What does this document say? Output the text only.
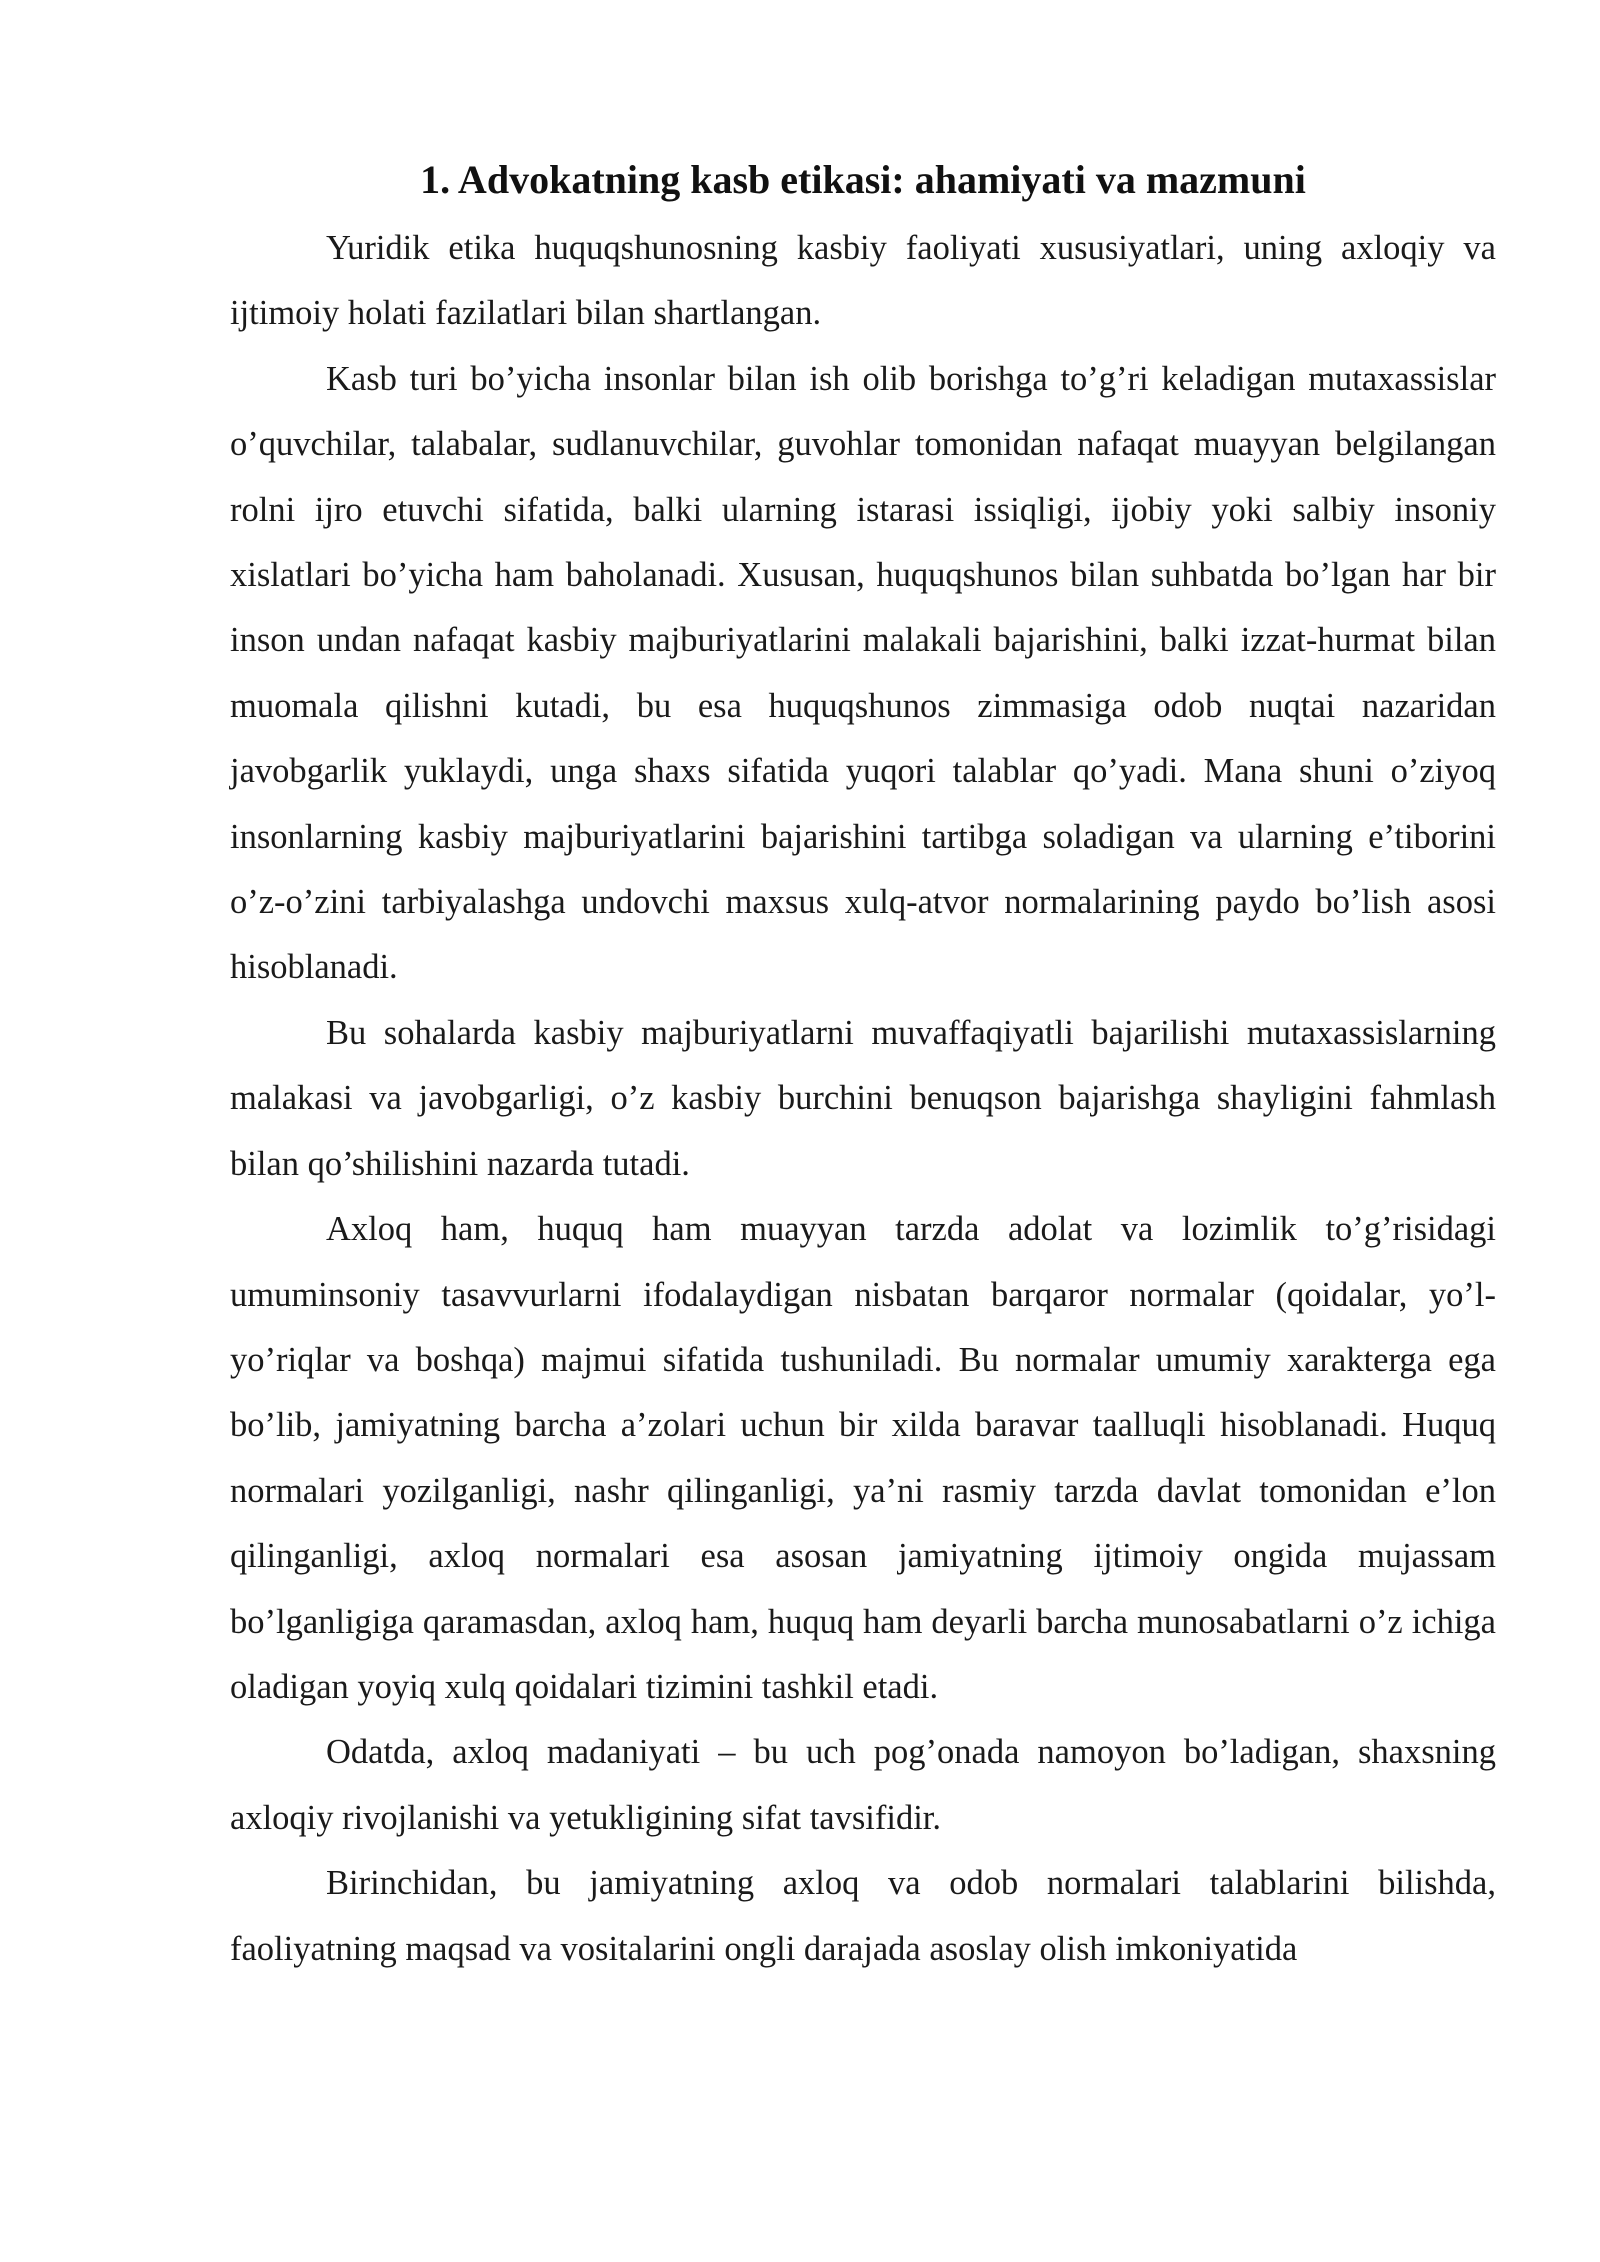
1. Advokatning kasb etikasi: ahamiyati va mazmuni

Yuridik etika huquqshunosning kasbiy faoliyati xususiyatlari, uning axloqiy va ijtimoiy holati fazilatlari bilan shartlangan.

Kasb turi bo’yicha insonlar bilan ish olib borishga to’g’ri keladigan mutaxassislar o’quvchilar, talabalar, sudlanuvchilar, guvohlar tomonidan nafaqat muayyan belgilangan rolni ijro etuvchi sifatida, balki ularning istarasi issiqligi, ijobiy yoki salbiy insoniy xislatlari bo’yicha ham baholanadi. Xususan, huquqshunos bilan suhbatda bo’lgan har bir inson undan nafaqat kasbiy majburiyatlarini malakali bajarishini, balki izzat-hurmat bilan muomala qilishni kutadi, bu esa huquqshunos zimmasiga odob nuqtai nazaridan javobgarlik yuklaydi, unga shaxs sifatida yuqori talablar qo’yadi. Mana shuni o’ziyoq insonlarning kasbiy majburiyatlarini bajarishini tartibga soladigan va ularning e’tiborini o’z-o’zini tarbiyalashga undovchi maxsus xulq-atvor normalarining paydo bo’lish asosi hisoblanadi.

Bu sohalarda kasbiy majburiyatlarni muvaffaqiyatli bajarilishi mutaxassislarning malakasi va javobgarligi, o’z kasbiy burchini benuqson bajarishga shayligini fahmlash bilan qo’shilishini nazarda tutadi.

Axloq ham, huquq ham muayyan tarzda adolat va lozimlik to’g’risidagi umuminsoniy tasavvurlarni ifodalaydigan nisbatan barqaror normalar (qoidalar, yo’l-yo’riqlar va boshqa) majmui sifatida tushuniladi. Bu normalar umumiy xarakterga ega bo’lib, jamiyatning barcha a’zolari uchun bir xilda baravar taalluqli hisoblanadi. Huquq normalari yozilganligi, nashr qilinganligi, ya’ni rasmiy tarzda davlat tomonidan e’lon qilinganligi, axloq normalari esa asosan jamiyatning ijtimoiy ongida mujassam bo’lganligiga qaramasdan, axloq ham, huquq ham deyarli barcha munosabatlarni o’z ichiga oladigan yoyiq xulq qoidalari tizimini tashkil etadi.

Odatda, axloq madaniyati – bu uch pog’onada namoyon bo’ladigan, shaxsning axloqiy rivojlanishi va yetukligining sifat tavsifidir.

Birinchidan, bu jamiyatning axloq va odob normalari talablarini bilishda, faoliyatning maqsad va vositalarini ongli darajada asoslay olish imkoniyatida
